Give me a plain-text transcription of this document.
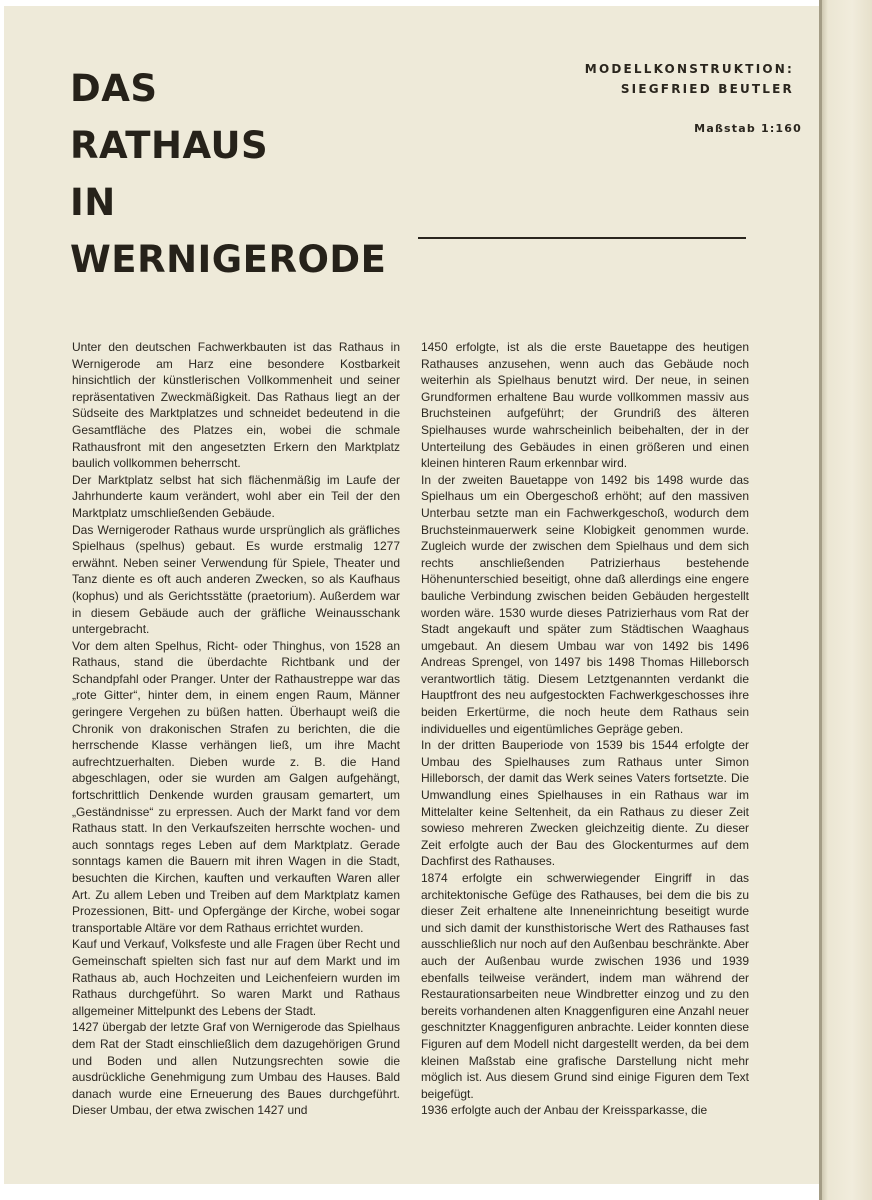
DAS
RATHAUS
IN
WERNIGERODE

MODELLKONSTRUKTION:

SIEGFRIED BEUTLER

Maßstab 1:160

Unter den deutschen Fachwerkbauten ist das Rathaus in Wernigerode am Harz eine besondere Kostbarkeit hinsichtlich der künstlerischen Vollkommenheit und seiner repräsentativen Zweckmäßigkeit. Das Rathaus liegt an der Südseite des Marktplatzes und schneidet bedeutend in die Gesamtfläche des Platzes ein, wobei die schmale Rathausfront mit den angesetzten Erkern den Marktplatz baulich vollkommen beherrscht.

Der Marktplatz selbst hat sich flächenmäßig im Laufe der Jahrhunderte kaum verändert, wohl aber ein Teil der den Marktplatz umschließenden Gebäude.

Das Wernigeroder Rathaus wurde ursprünglich als gräfliches Spielhaus (spelhus) gebaut. Es wurde erstmalig 1277 erwähnt. Neben seiner Verwendung für Spiele, Theater und Tanz diente es oft auch anderen Zwecken, so als Kaufhaus (kophus) und als Gerichtsstätte (praetorium). Außerdem war in diesem Gebäude auch der gräfliche Weinausschank untergebracht.

Vor dem alten Spelhus, Richt- oder Thinghus, von 1528 an Rathaus, stand die überdachte Richtbank und der Schandpfahl oder Pranger. Unter der Rathaustreppe war das „rote Gitter“, hinter dem, in einem engen Raum, Männer geringere Vergehen zu büßen hatten. Überhaupt weiß die Chronik von drakonischen Strafen zu berichten, die die herrschende Klasse verhängen ließ, um ihre Macht aufrechtzuerhalten. Dieben wurde z. B. die Hand abgeschlagen, oder sie wurden am Galgen aufgehängt, fortschrittlich Denkende wurden grausam gemartert, um „Geständnisse“ zu erpressen. Auch der Markt fand vor dem Rathaus statt. In den Verkaufszeiten herrschte wochen- und auch sonntags reges Leben auf dem Marktplatz. Gerade sonntags kamen die Bauern mit ihren Wagen in die Stadt, besuchten die Kirchen, kauften und verkauften Waren aller Art. Zu allem Leben und Treiben auf dem Marktplatz kamen Prozessionen, Bitt- und Opfergänge der Kirche, wobei sogar transportable Altäre vor dem Rathaus errichtet wurden.

Kauf und Verkauf, Volksfeste und alle Fragen über Recht und Gemeinschaft spielten sich fast nur auf dem Markt und im Rathaus ab, auch Hochzeiten und Leichenfeiern wurden im Rathaus durchgeführt. So waren Markt und Rathaus allgemeiner Mittelpunkt des Lebens der Stadt.

1427 übergab der letzte Graf von Wernigerode das Spielhaus dem Rat der Stadt einschließlich dem dazugehörigen Grund und Boden und allen Nutzungsrechten sowie die ausdrückliche Genehmigung zum Umbau des Hauses. Bald danach wurde eine Erneuerung des Baues durchgeführt. Dieser Umbau, der etwa zwischen 1427 und

1450 erfolgte, ist als die erste Bauetappe des heutigen Rathauses anzusehen, wenn auch das Gebäude noch weiterhin als Spielhaus benutzt wird. Der neue, in seinen Grundformen erhaltene Bau wurde vollkommen massiv aus Bruchsteinen aufgeführt; der Grundriß des älteren Spielhauses wurde wahrscheinlich beibehalten, der in der Unterteilung des Gebäudes in einen größeren und einen kleinen hinteren Raum erkennbar wird.

In der zweiten Bauetappe von 1492 bis 1498 wurde das Spielhaus um ein Obergeschoß erhöht; auf den massiven Unterbau setzte man ein Fachwerkgeschoß, wodurch dem Bruchsteinmauerwerk seine Klobigkeit genommen wurde. Zugleich wurde der zwischen dem Spielhaus und dem sich rechts anschließenden Patrizierhaus bestehende Höhenunterschied beseitigt, ohne daß allerdings eine engere bauliche Verbindung zwischen beiden Gebäuden hergestellt worden wäre. 1530 wurde dieses Patrizierhaus vom Rat der Stadt angekauft und später zum Städtischen Waaghaus umgebaut. An diesem Umbau war von 1492 bis 1496 Andreas Sprengel, von 1497 bis 1498 Thomas Hilleborsch verantwortlich tätig. Diesem Letztgenannten verdankt die Hauptfront des neu aufgestockten Fachwerkgeschosses ihre beiden Erkertürme, die noch heute dem Rathaus sein individuelles und eigentümliches Gepräge geben.

In der dritten Bauperiode von 1539 bis 1544 erfolgte der Umbau des Spielhauses zum Rathaus unter Simon Hilleborsch, der damit das Werk seines Vaters fortsetzte. Die Umwandlung eines Spielhauses in ein Rathaus war im Mittelalter keine Seltenheit, da ein Rathaus zu dieser Zeit sowieso mehreren Zwecken gleichzeitig diente. Zu dieser Zeit erfolgte auch der Bau des Glockenturmes auf dem Dachfirst des Rathauses.

1874 erfolgte ein schwerwiegender Eingriff in das architektonische Gefüge des Rathauses, bei dem die bis zu dieser Zeit erhaltene alte Inneneinrichtung beseitigt wurde und sich damit der kunsthistorische Wert des Rathauses fast ausschließlich nur noch auf den Außenbau beschränkte. Aber auch der Außenbau wurde zwischen 1936 und 1939 ebenfalls teilweise verändert, indem man während der Restaurationsarbeiten neue Windbretter einzog und zu den bereits vorhandenen alten Knaggenfiguren eine Anzahl neuer geschnitzter Knaggenfiguren anbrachte. Leider konnten diese Figuren auf dem Modell nicht dargestellt werden, da bei dem kleinen Maßstab eine grafische Darstellung nicht mehr möglich ist. Aus diesem Grund sind einige Figuren dem Text beigefügt.

1936 erfolgte auch der Anbau der Kreissparkasse, die
